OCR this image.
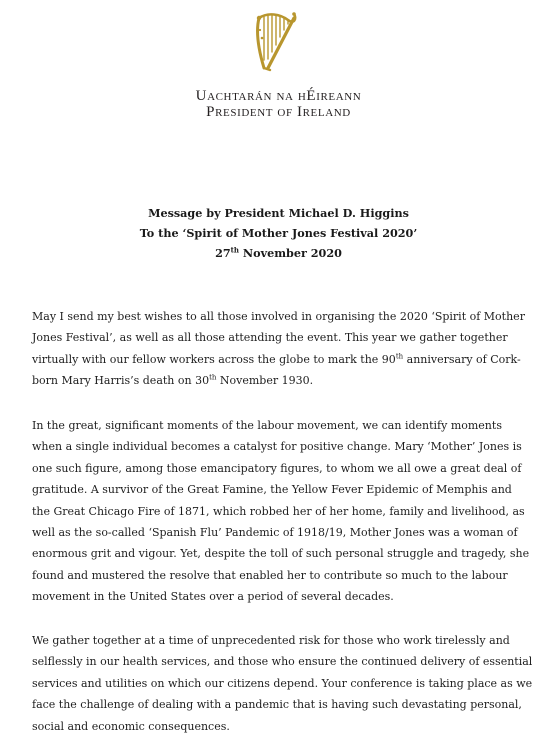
Uachtarán na hÉireann
President of Ireland
Message by President Michael D. Higgins
To the ‘Spirit of Mother Jones Festival 2020’
27th November 2020
May I send my best wishes to all those involved in organising the 2020 ‘Spirit of Mother
Jones Festival’, as well as all those attending the event. This year we gather together
virtually with our fellow workers across the globe to mark the 90th anniversary of Cork-
born Mary Harris’s death on 30th November 1930.
In the great, significant moments of the labour movement, we can identify moments
when a single individual becomes a catalyst for positive change. Mary ‘Mother’ Jones is
one such figure, among those emancipatory figures, to whom we all owe a great deal of
gratitude. A survivor of the Great Famine, the Yellow Fever Epidemic of Memphis and
the Great Chicago Fire of 1871, which robbed her of her home, family and livelihood, as
well as the so-called ‘Spanish Flu’ Pandemic of 1918/19, Mother Jones was a woman of
enormous grit and vigour. Yet, despite the toll of such personal struggle and tragedy, she
found and mustered the resolve that enabled her to contribute so much to the labour
movement in the United States over a period of several decades.
We gather together at a time of unprecedented risk for those who work tirelessly and
selflessly in our health services, and those who ensure the continued delivery of essential
services and utilities on which our citizens depend. Your conference is taking place as we
face the challenge of dealing with a pandemic that is having such devastating personal,
social and economic consequences.
